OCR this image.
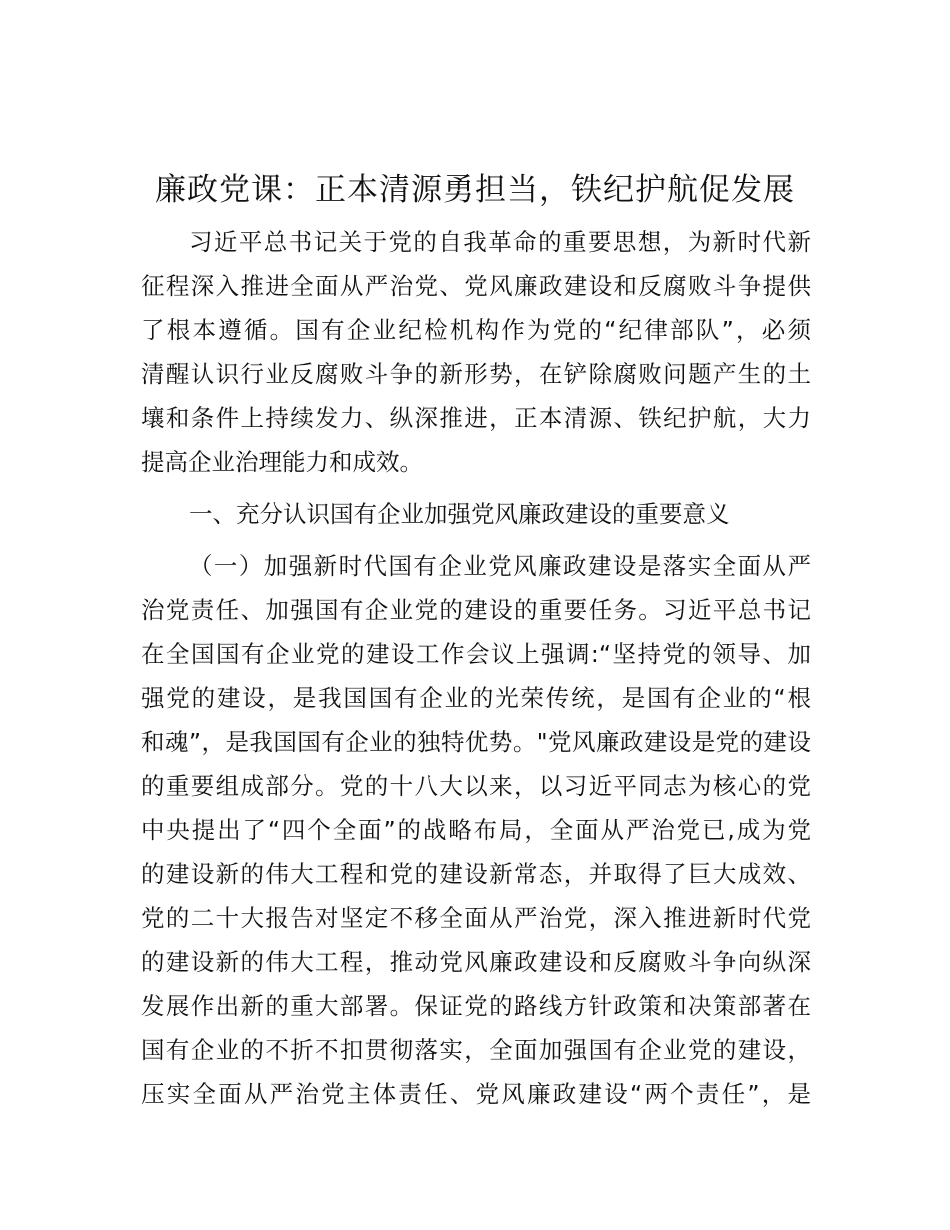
廉政党课：正本清源勇担当，铁纪护航促发展

习近平总书记关于党的自我革命的重要思想，为新时代新

征程深入推进全面从严治党、党风廉政建设和反腐败斗争提供

了根本遵循。国有企业纪检机构作为党的“纪律部队”，必须

清醒认识行业反腐败斗争的新形势，在铲除腐败问题产生的土

壤和条件上持续发力、纵深推进，正本清源、铁纪护航，大力

提高企业治理能力和成效。

一、充分认识国有企业加强党风廉政建设的重要意义

（一）加强新时代国有企业党风廉政建设是落实全面从严

治党责任、加强国有企业党的建设的重要任务。习近平总书记

在全国国有企业党的建设工作会议上强调:“坚持党的领导、加

强党的建设，是我国国有企业的光荣传统，是国有企业的“根

和魂”，是我国国有企业的独特优势。"党风廉政建设是党的建设

的重要组成部分。党的十八大以来，以习近平同志为核心的党

中央提出了“四个全面”的战略布局，全面从严治党已,成为党

的建设新的伟大工程和党的建设新常态，并取得了巨大成效、

党的二十大报告对坚定不移全面从严治党，深入推进新时代党

的建设新的伟大工程，推动党风廉政建设和反腐败斗争向纵深

发展作出新的重大部署。保证党的路线方针政策和决策部著在

国有企业的不折不扣贯彻落实，全面加强国有企业党的建设，

压实全面从严治党主体责任、党风廉政建设“两个责任”，是
